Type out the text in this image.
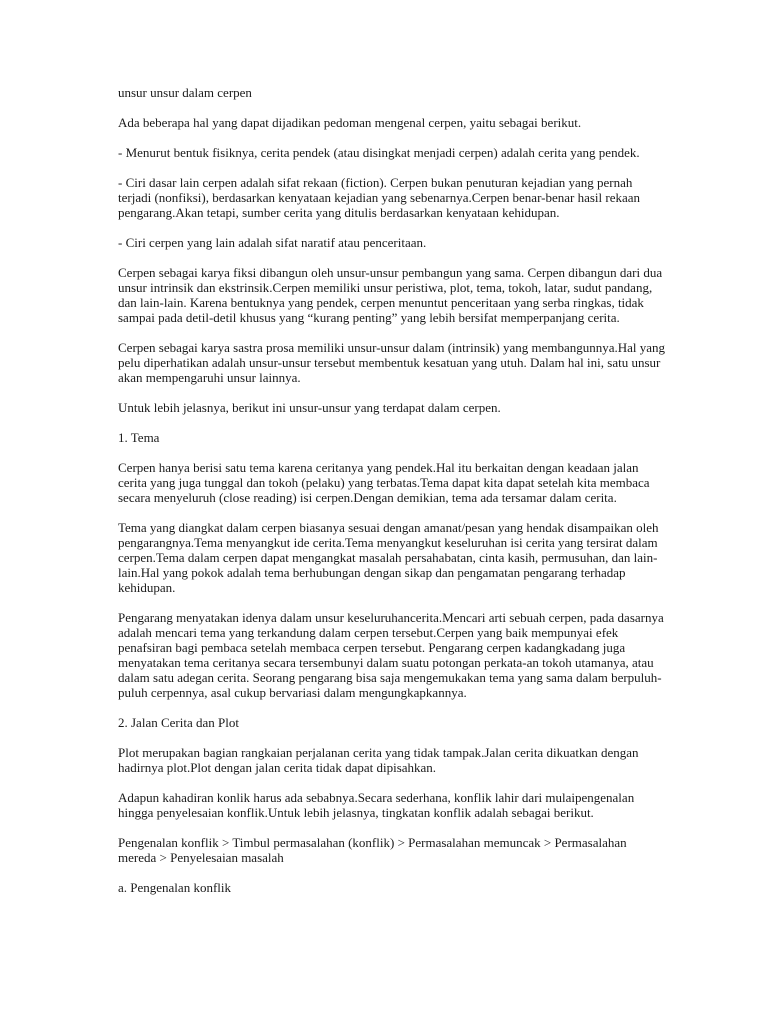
unsur unsur dalam cerpen

Ada beberapa hal yang dapat dijadikan pedoman mengenal cerpen, yaitu sebagai berikut.

- Menurut bentuk fisiknya, cerita pendek (atau disingkat menjadi cerpen) adalah cerita yang pendek.

- Ciri dasar lain cerpen adalah sifat rekaan (fiction). Cerpen bukan penuturan kejadian yang pernah terjadi (nonfiksi), berdasarkan kenyataan kejadian yang sebenarnya.Cerpen benar-benar hasil rekaan pengarang.Akan tetapi, sumber cerita yang ditulis berdasarkan kenyataan kehidupan.

- Ciri cerpen yang lain adalah sifat naratif atau penceritaan.

Cerpen sebagai karya fiksi dibangun oleh unsur-unsur pembangun yang sama. Cerpen dibangun dari dua unsur intrinsik dan ekstrinsik.Cerpen memiliki unsur peristiwa, plot, tema, tokoh, latar, sudut pandang, dan lain-lain. Karena bentuknya yang pendek, cerpen menuntut penceritaan yang serba ringkas, tidak sampai pada detil-detil khusus yang “kurang penting” yang lebih bersifat memperpanjang cerita.

Cerpen sebagai karya sastra prosa memiliki unsur-unsur dalam (intrinsik) yang membangunnya.Hal yang pelu diperhatikan adalah unsur-unsur tersebut membentuk kesatuan yang utuh. Dalam hal ini, satu unsur akan mempengaruhi unsur lainnya.

Untuk lebih jelasnya, berikut ini unsur-unsur yang terdapat dalam cerpen.

1. Tema

Cerpen hanya berisi satu tema karena ceritanya yang pendek.Hal itu berkaitan dengan keadaan jalan cerita yang juga tunggal dan tokoh (pelaku) yang terbatas.Tema dapat kita dapat setelah kita membaca secara menyeluruh (close reading) isi cerpen.Dengan demikian, tema ada tersamar dalam cerita.

Tema yang diangkat dalam cerpen biasanya sesuai dengan amanat/pesan yang hendak disampaikan oleh pengarangnya.Tema menyangkut ide cerita.Tema menyangkut keseluruhan isi cerita yang tersirat dalam cerpen.Tema dalam cerpen dapat mengangkat masalah persahabatan, cinta kasih, permusuhan, dan lain-lain.Hal yang pokok adalah tema berhubungan dengan sikap dan pengamatan pengarang terhadap kehidupan.

Pengarang menyatakan idenya dalam unsur keseluruhancerita.Mencari arti sebuah cerpen, pada dasarnya adalah mencari tema yang terkandung dalam cerpen tersebut.Cerpen yang baik mempunyai efek penafsiran bagi pembaca setelah membaca cerpen tersebut. Pengarang cerpen kadangkadang juga menyatakan tema ceritanya secara tersembunyi dalam suatu potongan perkata-an tokoh utamanya, atau dalam satu adegan cerita. Seorang pengarang bisa saja mengemukakan tema yang sama dalam berpuluh-puluh cerpennya, asal cukup bervariasi dalam mengungkapkannya.

2. Jalan Cerita dan Plot

Plot merupakan bagian rangkaian perjalanan cerita yang tidak tampak.Jalan cerita dikuatkan dengan hadirnya plot.Plot dengan jalan cerita tidak dapat dipisahkan.

Adapun kahadiran konlik harus ada sebabnya.Secara sederhana, konflik lahir dari mulaipengenalan hingga penyelesaian konflik.Untuk lebih jelasnya, tingkatan konflik adalah sebagai berikut.

Pengenalan konflik > Timbul permasalahan (konflik) > Permasalahan memuncak > Permasalahan mereda > Penyelesaian masalah

a. Pengenalan konflik
